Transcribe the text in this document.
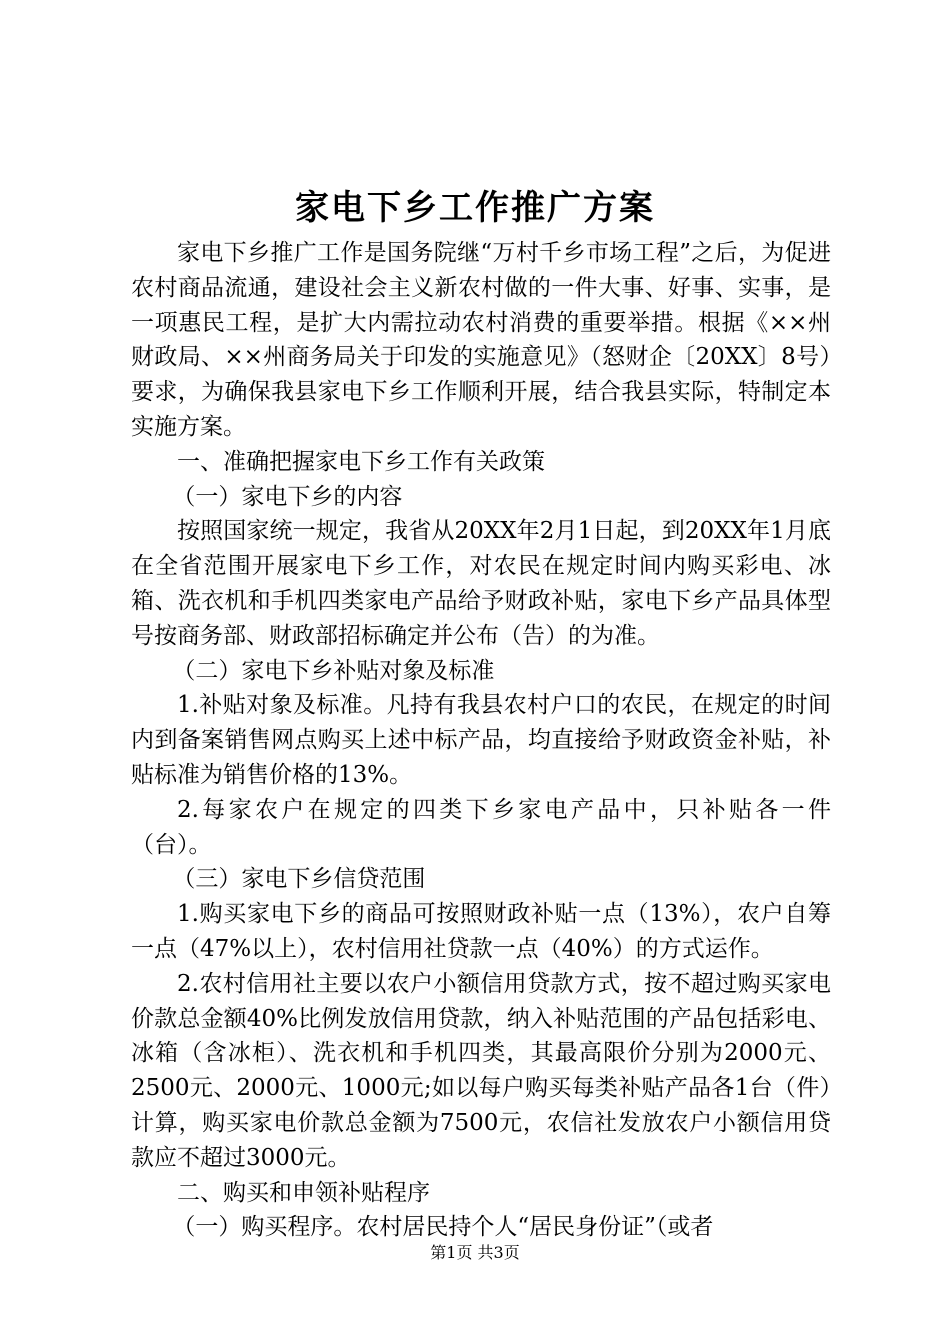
家电下乡工作推广方案

家电下乡推广工作是国务院继“万村千乡市场工程”之后，为促进农村商品流通，建设社会主义新农村做的一件大事、好事、实事，是一项惠民工程，是扩大内需拉动农村消费的重要举措。根据《××州财政局、××州商务局关于印发的实施意见》（怒财企〔20XX〕8号）要求，为确保我县家电下乡工作顺利开展，结合我县实际，特制定本实施方案。

一、准确把握家电下乡工作有关政策

（一）家电下乡的内容

按照国家统一规定，我省从20XX年2月1日起，到20XX年1月底在全省范围开展家电下乡工作，对农民在规定时间内购买彩电、冰箱、洗衣机和手机四类家电产品给予财政补贴，家电下乡产品具体型号按商务部、财政部招标确定并公布（告）的为准。

（二）家电下乡补贴对象及标准

1.补贴对象及标准。凡持有我县农村户口的农民，在规定的时间内到备案销售网点购买上述中标产品，均直接给予财政资金补贴，补贴标准为销售价格的13%。

2.每家农户在规定的四类下乡家电产品中，只补贴各一件（台）。

（三）家电下乡信贷范围

1.购买家电下乡的商品可按照财政补贴一点（13%），农户自筹一点（47%以上），农村信用社贷款一点（40%）的方式运作。

2.农村信用社主要以农户小额信用贷款方式，按不超过购买家电价款总金额40%比例发放信用贷款，纳入补贴范围的产品包括彩电、冰箱（含冰柜）、洗衣机和手机四类，其最高限价分别为2000元、2500元、2000元、1000元;如以每户购买每类补贴产品各1台（件）计算，购买家电价款总金额为7500元，农信社发放农户小额信用贷款应不超过3000元。

二、购买和申领补贴程序

（一）购买程序。农村居民持个人“居民身份证”（或者

第1页 共3页
